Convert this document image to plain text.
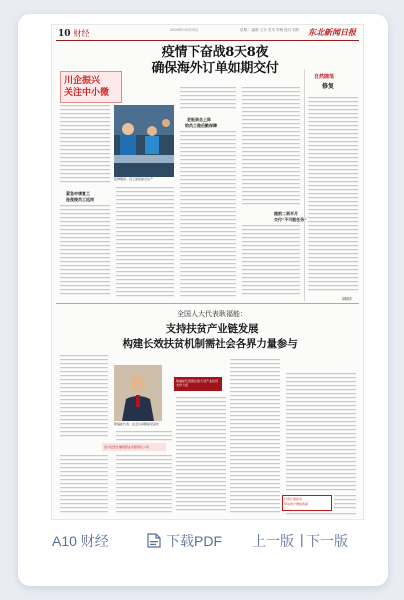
10 财经	2020年03月03日	星期二 编辑 王东 美术 李梅 校对 刘欣 东北新闻日报
疫情下奋战8天8夜
确保海外订单如期交付
川企振兴
关注中小微
自然随笔
修复
疫情期间，员工加班加点生产
紧急申请复工
连夜接员工返岗
老板亲自上阵
给员工做后勤保障
提前二到半月
交付“不可能任务”
胡晓东
全国人大代表耿福能：
支持扶贫产业链发展
构建长效扶贫机制需社会各界力量参与
耿福能代表：在会议间隙接受采访
耿福能代表建议加大对产业扶贫支持力度
四川好医生攀西药业有限责任公司
打造长效扶贫
带动农户增收致富
A10 财经	下载PDF 上一版 | 下一版
